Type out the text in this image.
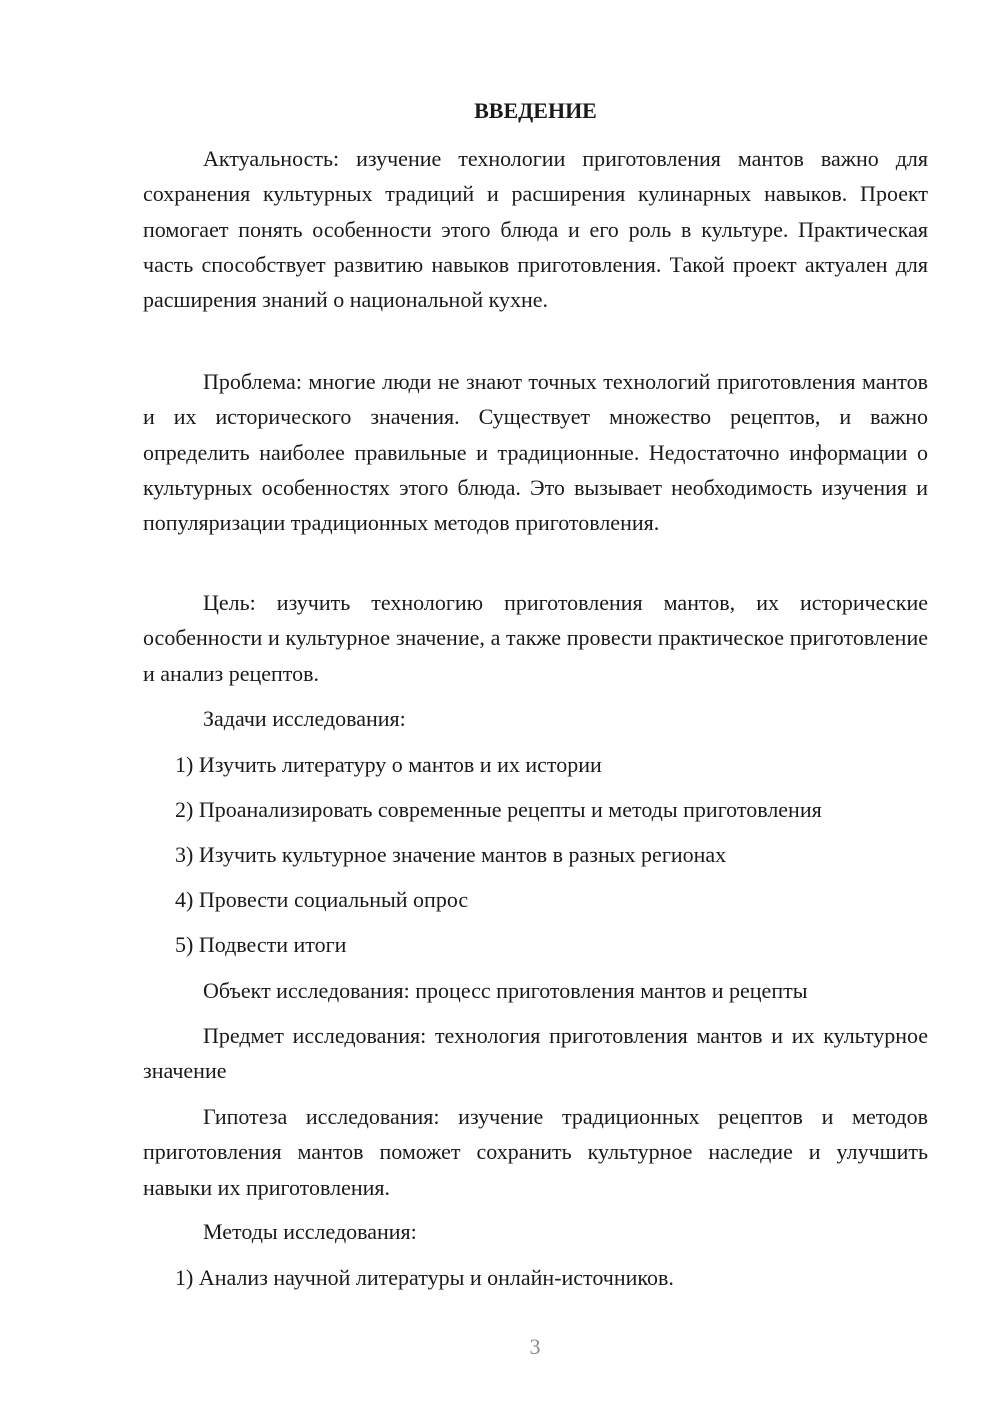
ВВЕДЕНИЕ

Актуальность: изучение технологии приготовления мантов важно для сохранения культурных традиций и расширения кулинарных навыков. Проект помогает понять особенности этого блюда и его роль в культуре. Практическая часть способствует развитию навыков приготовления. Такой проект актуален для расширения знаний о национальной кухне.

Проблема: многие люди не знают точных технологий приготовления мантов и их исторического значения. Существует множество рецептов, и важно определить наиболее правильные и традиционные. Недостаточно информации о культурных особенностях этого блюда. Это вызывает необходимость изучения и популяризации традиционных методов приготовления.

Цель: изучить технологию приготовления мантов, их исторические особенности и культурное значение, а также провести практическое приготовление и анализ рецептов.

Задачи исследования:

1) Изучить литературу о мантов и их истории

2) Проанализировать современные рецепты и методы приготовления

3) Изучить культурное значение мантов в разных регионах

4) Провести социальный опрос

5) Подвести итоги

Объект исследования: процесс приготовления мантов и рецепты

Предмет исследования: технология приготовления мантов и их культурное значение

Гипотеза исследования: изучение традиционных рецептов и методов приготовления мантов поможет сохранить культурное наследие и улучшить навыки их приготовления.

Методы исследования:

1) Анализ научной литературы и онлайн-источников.

3
